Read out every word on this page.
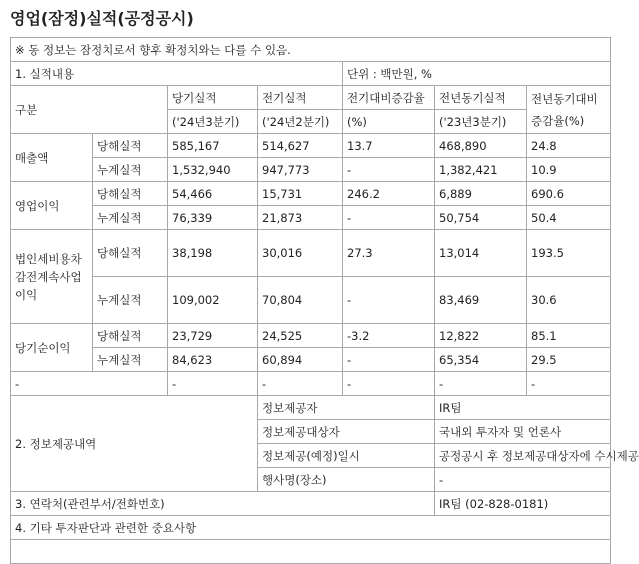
영업(잠정)실적(공정공시)
※ 동 정보는 잠정치로서 향후 확정치와는 다를 수 있음.						
1. 실적내용				단위 : 백만원, %		
구분		당기실적	전기실적	전기대비증감율	전년동기실적	전년동기대비증감율(%)
		('24년3분기)	('24년2분기)	(%)	('23년3분기)	
매출액	당해실적	585,167	514,627	13.7	468,890	24.8
	누계실적	1,532,940	947,773	-	1,382,421	10.9
영업이익	당해실적	54,466	15,731	246.2	6,889	690.6
	누계실적	76,339	21,873	-	50,754	50.4
법인세비용차감전계속사업이익	당해실적	38,198	30,016	27.3	13,014	193.5
	누계실적	109,002	70,804	-	83,469	30.6
당기순이익	당해실적	23,729	24,525	-3.2	12,822	85.1
	누계실적	84,623	60,894	-	65,354	29.5
-		-	-	-	-	-
2. 정보제공내역			정보제공자		IR팀	
			정보제공대상자		국내외 투자자 및 언론사	
			정보제공(예정)일시		공정공시 후 정보제공대상자에 수시제공	
			행사명(장소)		-	
3. 연락처(관련부서/전화번호)					IR팀 (02-828-0181)	
4. 기타 투자판단과 관련한 중요사항						
